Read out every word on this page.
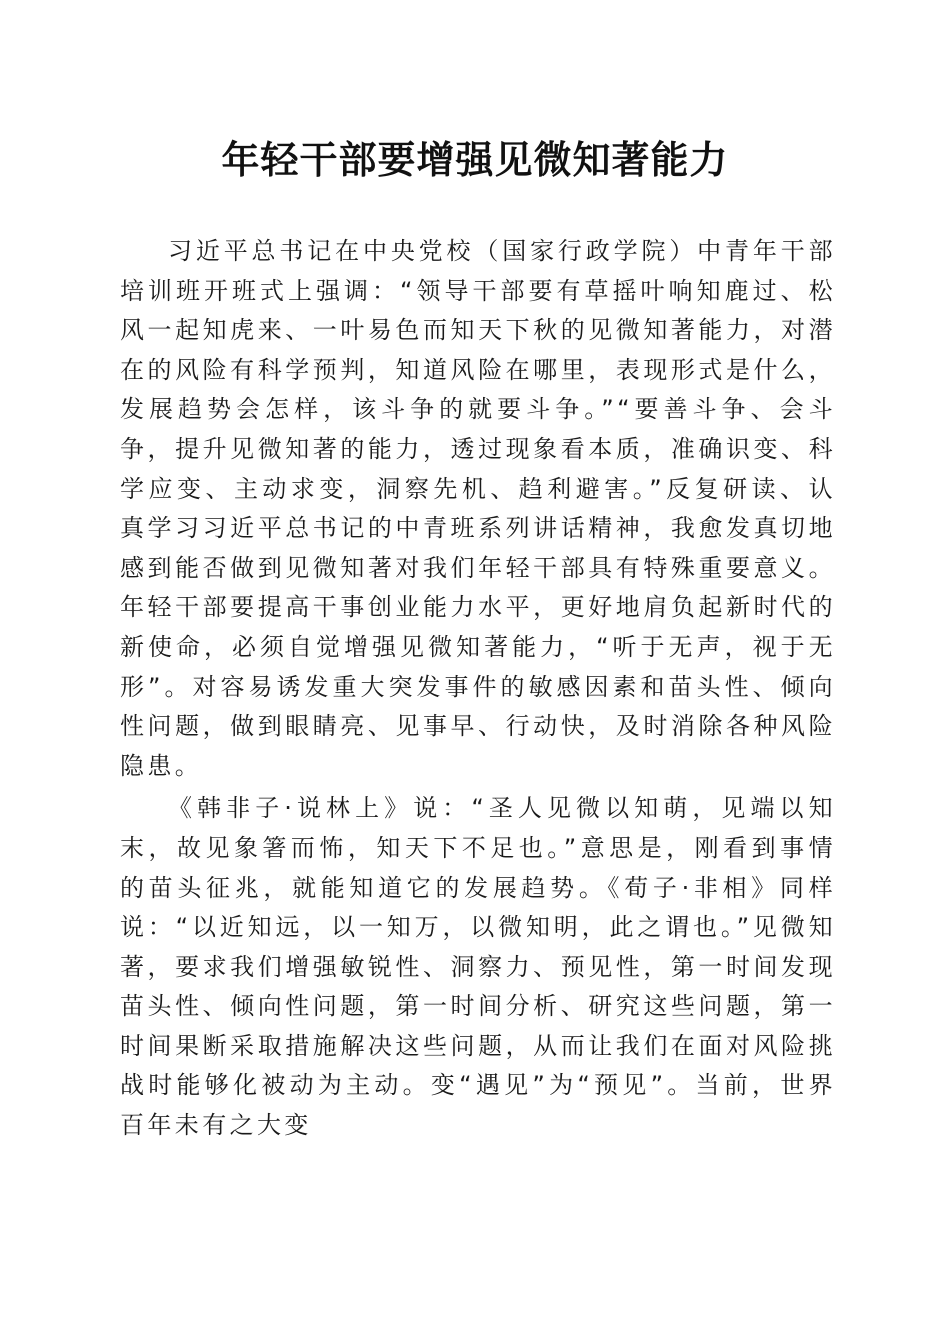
年轻干部要增强见微知著能力

习近平总书记在中央党校（国家行政学院）中青年干部培训班开班式上强调：“领导干部要有草摇叶响知鹿过、松风一起知虎来、一叶易色而知天下秋的见微知著能力，对潜在的风险有科学预判，知道风险在哪里，表现形式是什么，发展趋势会怎样，该斗争的就要斗争。”“要善斗争、会斗争，提升见微知著的能力，透过现象看本质，准确识变、科学应变、主动求变，洞察先机、趋利避害。”反复研读、认真学习习近平总书记的中青班系列讲话精神，我愈发真切地感到能否做到见微知著对我们年轻干部具有特殊重要意义。年轻干部要提高干事创业能力水平，更好地肩负起新时代的新使命，必须自觉增强见微知著能力，“听于无声，视于无形”。对容易诱发重大突发事件的敏感因素和苗头性、倾向性问题，做到眼睛亮、见事早、行动快，及时消除各种风险隐患。

《韩非子·说林上》说：“圣人见微以知萌，见端以知末，故见象箸而怖，知天下不足也。”意思是，刚看到事情的苗头征兆，就能知道它的发展趋势。《荀子·非相》同样说：“以近知远，以一知万，以微知明，此之谓也。”见微知著，要求我们增强敏锐性、洞察力、预见性，第一时间发现苗头性、倾向性问题，第一时间分析、研究这些问题，第一时间果断采取措施解决这些问题，从而让我们在面对风险挑战时能够化被动为主动。变“遇见”为“预见”。当前，世界百年未有之大变
